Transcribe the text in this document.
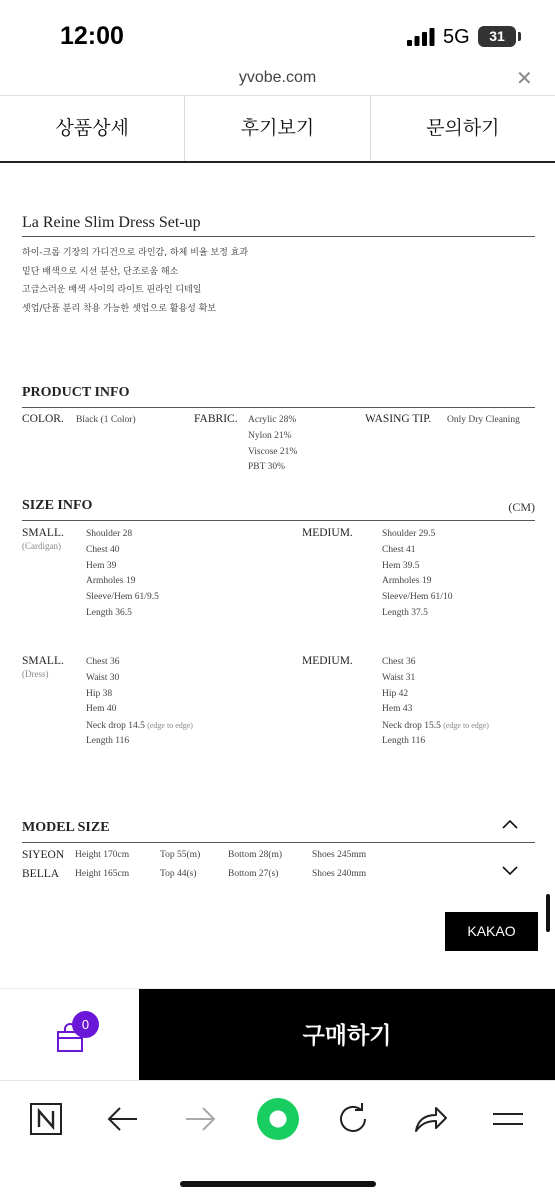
12:00	5G	31
yvobe.com	✕
상품상세	후기보기	문의하기
La Reine Slim Dress Set-up
하이-크롭 기장의 가디건으로 라인감, 하체 비율 보정 효과
밑단 배색으로 시선 분산, 단조로움 해소
고급스러운 배색 사이의 라이트 핀라인 디테일
셋업/단품 분리 착용 가능한 셋업으로 활용성 확보
PRODUCT INFO
COLOR. Black (1 Color)	FABRIC. Acrylic 28%
Nylon 21%
Viscose 21%
PBT 30%
WASING TIP. Only Dry Cleaning
SIZE INFO	(CM)
SMALL.
(Cardigan)
Shoulder 28
Chest 40
Hem 39
Armholes 19
Sleeve/Hem 61/9.5
Length 36.5
MEDIUM.	Shoulder 29.5
Chest 41
Hem 39.5
Armholes 19
Sleeve/Hem 61/10
Length 37.5
SMALL.
(Dress)
Chest 36
Waist 30
Hip 38
Hem 40
Neck drop 14.5 (edge to edge)
Length 116
MEDIUM.	Chest 36
Waist 31
Hip 42
Hem 43
Neck drop 15.5 (edge to edge)
Length 116
MODEL SIZE
SIYEON Height 170cm	Top 55(m)	Bottom 28(m)	Shoes 245mm
BELLA Height 165cm	Top 44(s)	Bottom 27(s)	Shoes 240mm
KAKAO
0	구매하기
